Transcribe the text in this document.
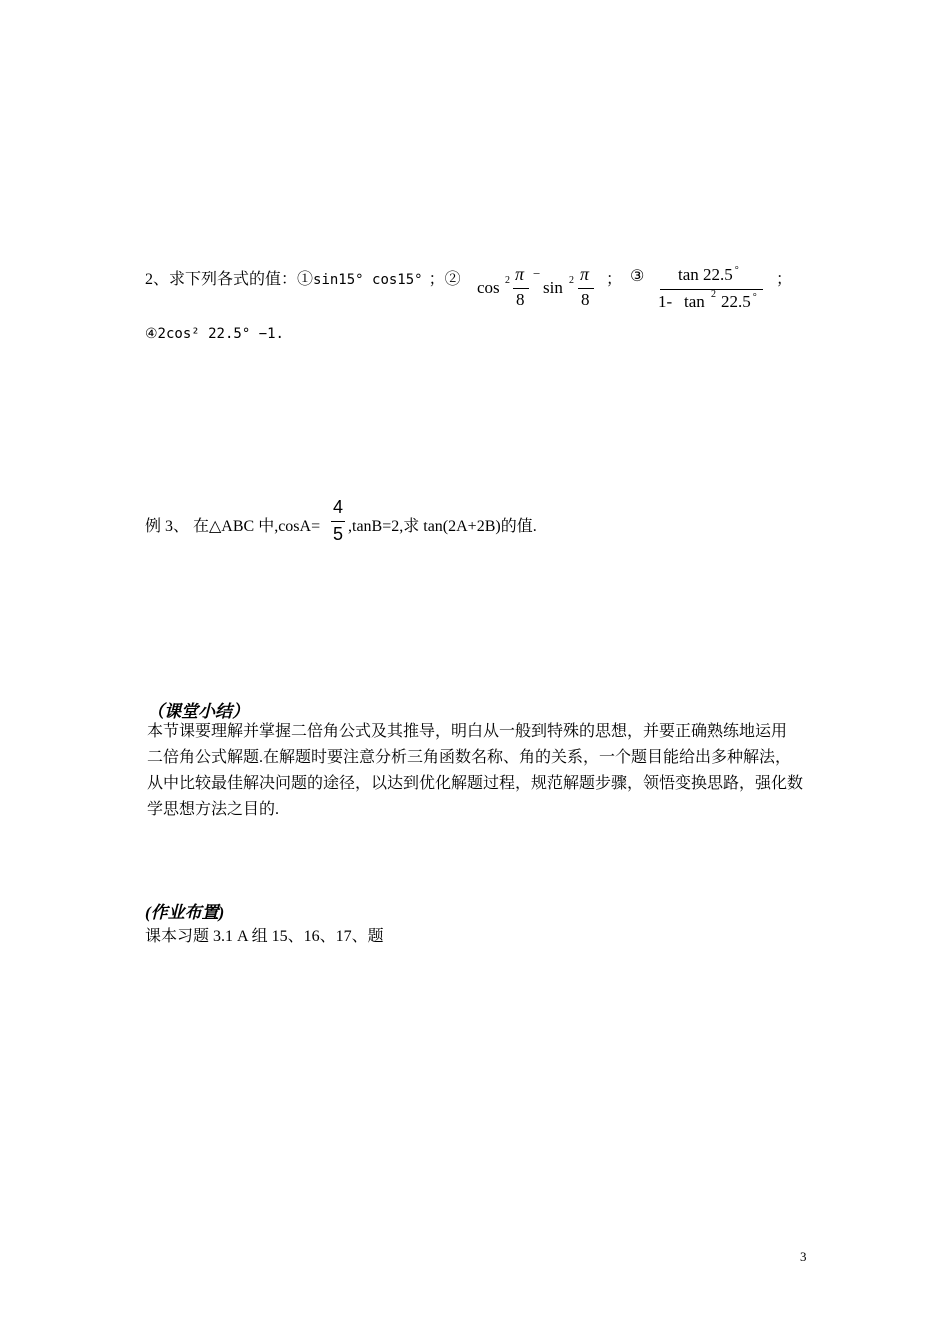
2、求下列各式的值：①sin15° cos15° ；② cos 2 π
8
−
sin 2 π
8
； ③ tan 22.5 °
1- tan 2 22.5 °
；
④2cos² 22.5° −1.
例 3、 在△ABC 中,cosA=
4
5 ,tanB=2,求 tan(2A+2B)的值.
（课堂小结）
本节课要理解并掌握二倍角公式及其推导，明白从一般到特殊的思想，并要正确熟练地运用
二倍角公式解题.在解题时要注意分析三角函数名称、角的关系，一个题目能给出多种解法，
从中比较最佳解决问题的途径，以达到优化解题过程，规范解题步骤，领悟变换思路，强化数
学思想方法之目的.
(作业布置)
课本习题 3.1 A 组 15、16、17、题
3
